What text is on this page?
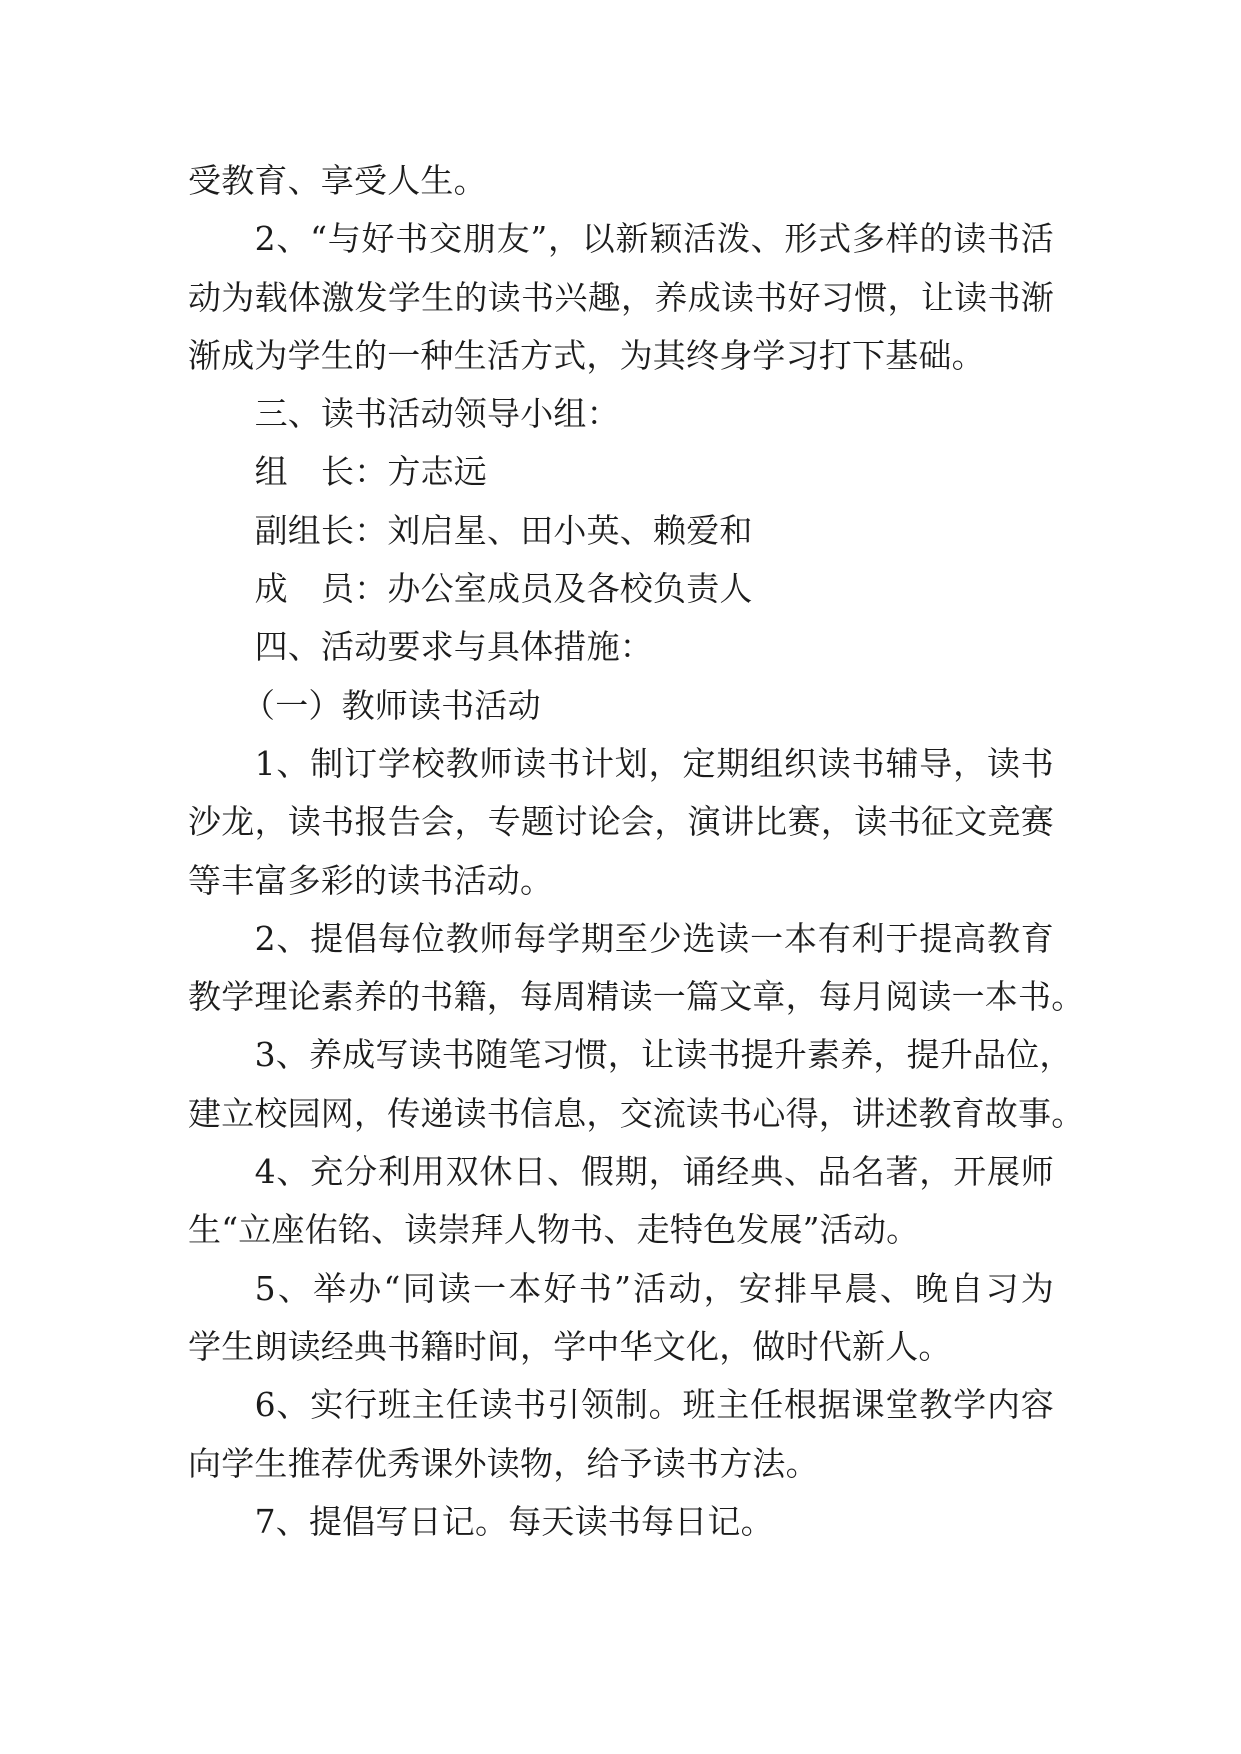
受教育、享受人生。
2、“与好书交朋友”，以新颖活泼、形式多样的读书活
动为载体激发学生的读书兴趣，养成读书好习惯，让读书渐
渐成为学生的一种生活方式，为其终身学习打下基础。
三、读书活动领导小组：
组　长：方志远
副组长：刘启星、田小英、赖爱和
成　员：办公室成员及各校负责人
四、活动要求与具体措施：
（一）教师读书活动
1、制订学校教师读书计划，定期组织读书辅导，读书
沙龙，读书报告会，专题讨论会，演讲比赛，读书征文竞赛
等丰富多彩的读书活动。
2、提倡每位教师每学期至少选读一本有利于提高教育
教学理论素养的书籍，每周精读一篇文章，每月阅读一本书。
3、养成写读书随笔习惯，让读书提升素养，提升品位，
建立校园网，传递读书信息，交流读书心得，讲述教育故事。
4、充分利用双休日、假期，诵经典、品名著，开展师
生“立座佑铭、读崇拜人物书、走特色发展”活动。
5、举办“同读一本好书”活动，安排早晨、晚自习为
学生朗读经典书籍时间，学中华文化，做时代新人。
6、实行班主任读书引领制。班主任根据课堂教学内容
向学生推荐优秀课外读物，给予读书方法。
7、提倡写日记。每天读书每日记。
